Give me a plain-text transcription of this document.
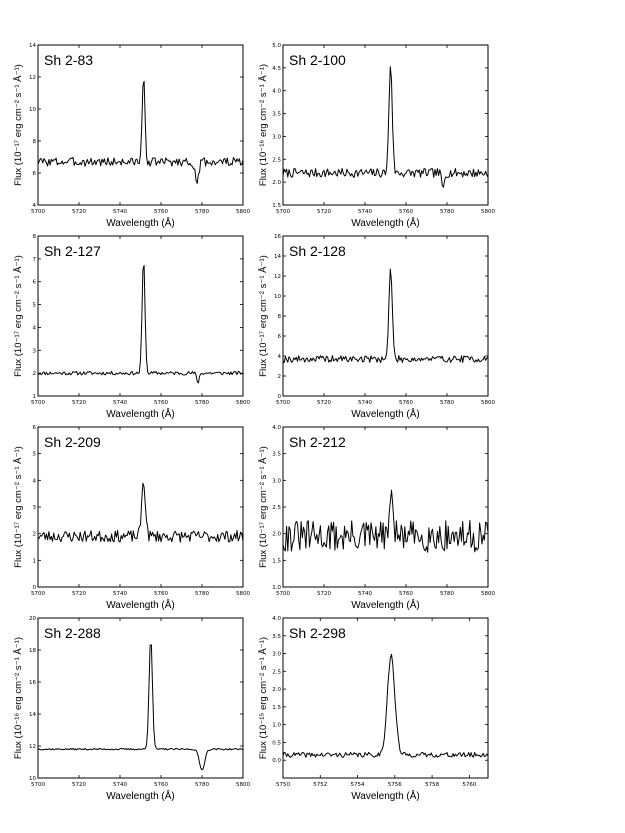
5700	5720	5740	5760	5780	5800
4
6
8
10
12
14
Sh 2-83
Wavelength (Å)
Flux (10⁻¹⁷ erg cm⁻² s⁻¹ Å⁻¹)
5700	5720	5740	5760	5780	5800
1.5
2.0
2.5
3.0
3.5
4.0
4.5
5.0
Sh 2-100
Wavelength (Å)
Flux (10⁻¹⁶ erg cm⁻² s⁻¹ Å⁻¹)
5700	5720	5740	5760	5780	5800
1
2
3
4
5
6
7
8
Sh 2-127
Wavelength (Å)
Flux (10⁻¹⁷ erg cm⁻² s⁻¹ Å⁻¹)
5700	5720	5740	5760	5780	5800
0
2
4
6
8
10
12
14
16
Sh 2-128
Wavelength (Å)
Flux (10⁻¹⁷ erg cm⁻² s⁻¹ Å⁻¹)
5700	5720	5740	5760	5780	5800
0
1
2
3
4
5
6
Sh 2-209
Wavelength (Å)
Flux (10⁻¹⁷ erg cm⁻² s⁻¹ Å⁻¹)
5700	5720	5740	5760	5780	5800
1.0
1.5
2.0
2.5
3.0
3.5
4.0
Sh 2-212
Wavelength (Å)
Flux (10⁻¹⁷ erg cm⁻² s⁻¹ Å⁻¹)
5700	5720	5740	5760	5780	5800
10
12
14
16
18
20
Sh 2-288
Wavelength (Å)
Flux (10⁻¹⁶ erg cm⁻² s⁻¹ Å⁻¹)
5750	5752	5754	5756	5758	5760
0.0
0.5
1.0
1.5
2.0
2.5
3.0
3.5
4.0
Sh 2-298
Wavelength (Å)
Flux (10⁻¹⁵ erg cm⁻² s⁻¹ Å⁻¹)
